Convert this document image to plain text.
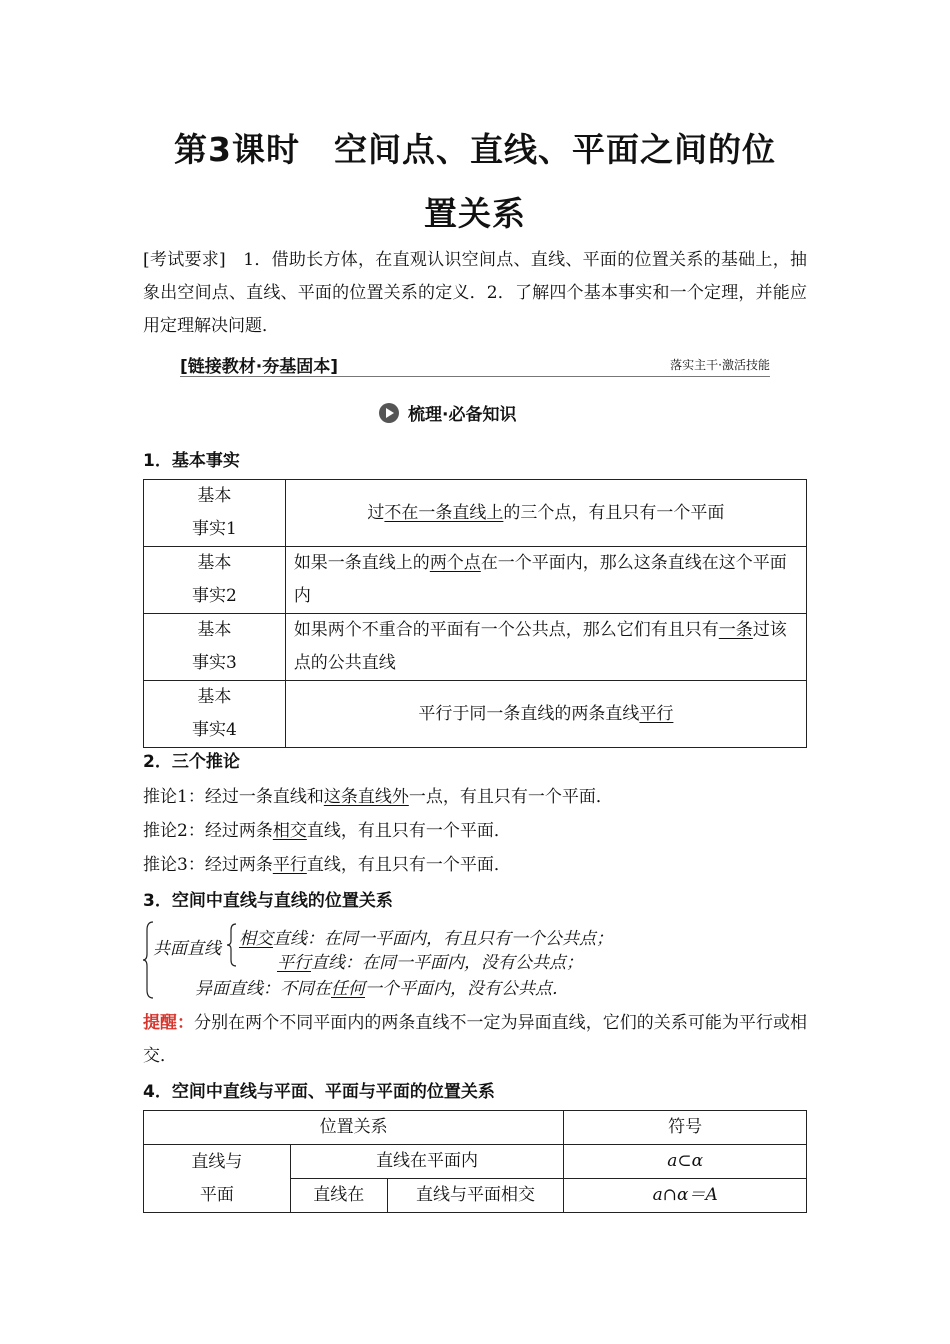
第3课时　空间点、直线、平面之间的位
置关系
[考试要求]　1．借助长方体，在直观认识空间点、直线、平面的位置关系的基础上，抽象出空间点、直线、平面的位置关系的定义．2．了解四个基本事实和一个定理，并能应用定理解决问题．
[链接教材·夯基固本]	落实主干·激活技能
梳理·必备知识
1．基本事实
基本
事实1	过不在一条直线上的三个点，有且只有一个平面

基本
事实2	如果一条直线上的两个点在一个平面内，那么这条直线在这个平面内

基本
事实3	如果两个不重合的平面有一个公共点，那么它们有且只有一条过该点的公共直线

基本
事实4	平行于同一条直线的两条直线平行
2．三个推论
推论1：经过一条直线和这条直线外一点，有且只有一个平面．
推论2：经过两条相交直线，有且只有一个平面．
推论3：经过两条平行直线，有且只有一个平面．
3．空间中直线与直线的位置关系
共面直线 相交直线：在同一平面内，有且只有一个公共点；
平行直线：在同一平面内，没有公共点；
异面直线：不同在任何一个平面内，没有公共点．
提醒：分别在两个不同平面内的两条直线不一定为异面直线，它们的关系可能为平行或相交．
4．空间中直线与平面、平面与平面的位置关系
位置关系			符号

直线与
平面	直线在平面内		a⊂α
	直线在	直线与平面相交	a∩α＝A
